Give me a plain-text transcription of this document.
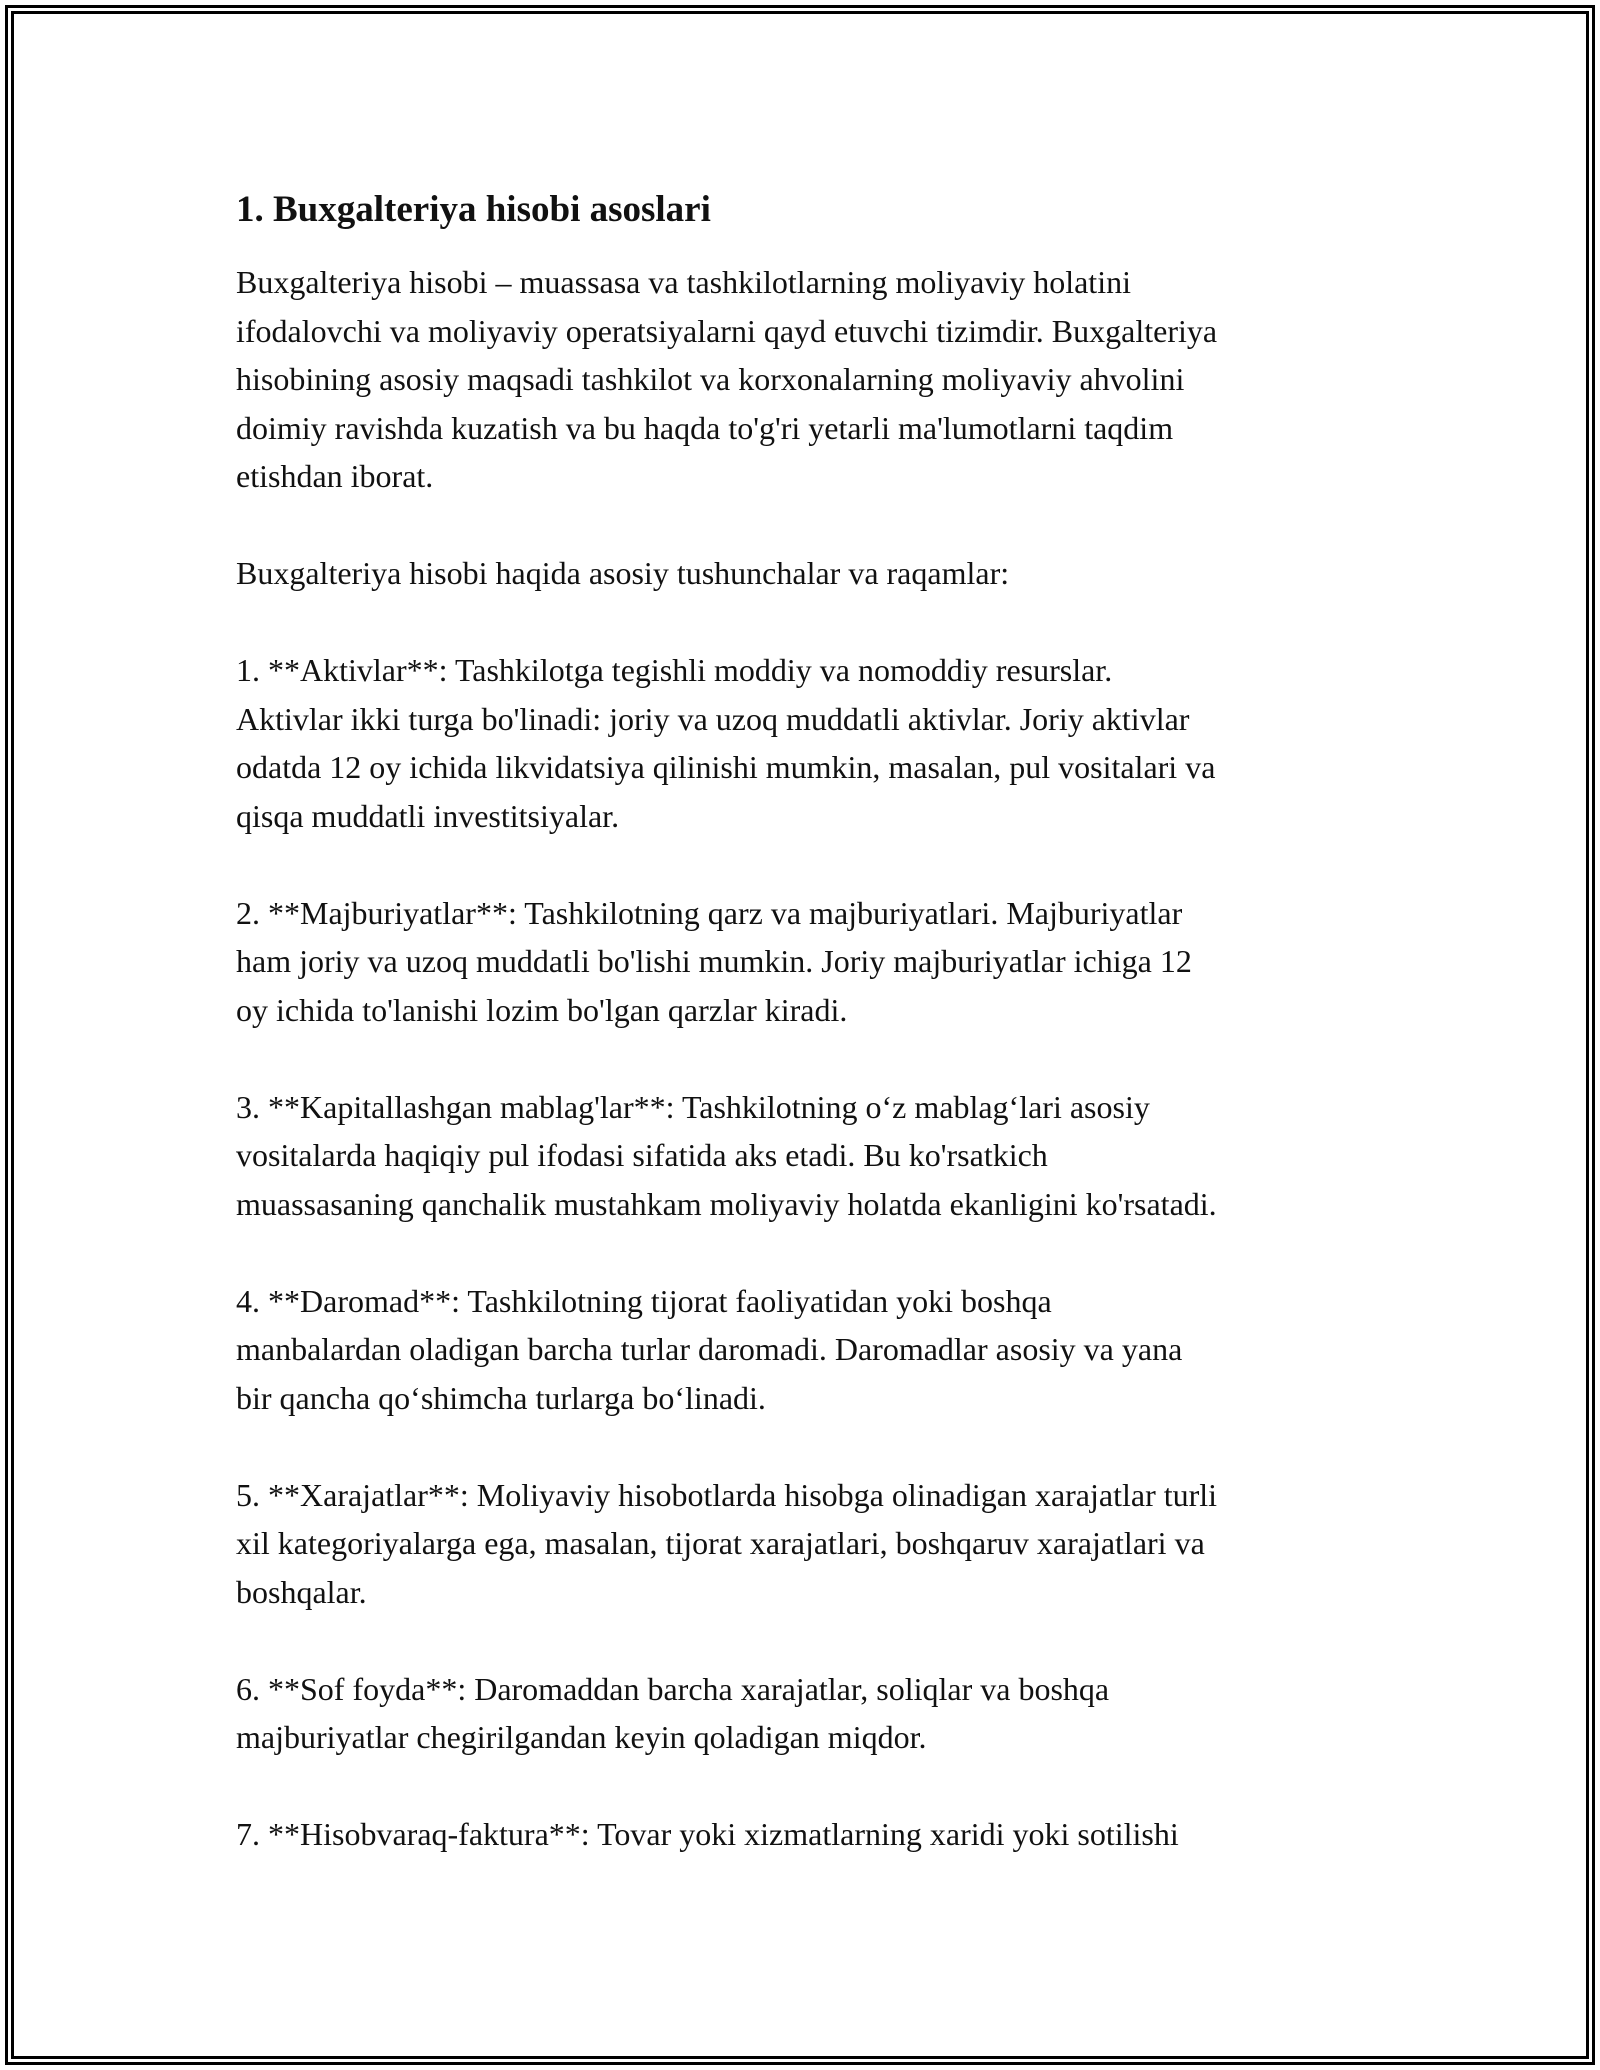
1. Buxgalteriya hisobi asoslari
Buxgalteriya hisobi – muassasa va tashkilotlarning moliyaviy holatini
ifodalovchi va moliyaviy operatsiyalarni qayd etuvchi tizimdir. Buxgalteriya
hisobining asosiy maqsadi tashkilot va korxonalarning moliyaviy ahvolini
doimiy ravishda kuzatish va bu haqda to'g'ri yetarli ma'lumotlarni taqdim
etishdan iborat.
Buxgalteriya hisobi haqida asosiy tushunchalar va raqamlar:
1. **Aktivlar**: Tashkilotga tegishli moddiy va nomoddiy resurslar.
Aktivlar ikki turga bo'linadi: joriy va uzoq muddatli aktivlar. Joriy aktivlar
odatda 12 oy ichida likvidatsiya qilinishi mumkin, masalan, pul vositalari va
qisqa muddatli investitsiyalar.
2. **Majburiyatlar**: Tashkilotning qarz va majburiyatlari. Majburiyatlar
ham joriy va uzoq muddatli bo'lishi mumkin. Joriy majburiyatlar ichiga 12
oy ichida to'lanishi lozim bo'lgan qarzlar kiradi.
3. **Kapitallashgan mablag'lar**: Tashkilotning o‘z mablag‘lari asosiy
vositalarda haqiqiy pul ifodasi sifatida aks etadi. Bu ko'rsatkich
muassasaning qanchalik mustahkam moliyaviy holatda ekanligini ko'rsatadi.
4. **Daromad**: Tashkilotning tijorat faoliyatidan yoki boshqa
manbalardan oladigan barcha turlar daromadi. Daromadlar asosiy va yana
bir qancha qo‘shimcha turlarga bo‘linadi.
5. **Xarajatlar**: Moliyaviy hisobotlarda hisobga olinadigan xarajatlar turli
xil kategoriyalarga ega, masalan, tijorat xarajatlari, boshqaruv xarajatlari va
boshqalar.
6. **Sof foyda**: Daromaddan barcha xarajatlar, soliqlar va boshqa
majburiyatlar chegirilgandan keyin qoladigan miqdor.
7. **Hisobvaraq-faktura**: Tovar yoki xizmatlarning xaridi yoki sotilishi
